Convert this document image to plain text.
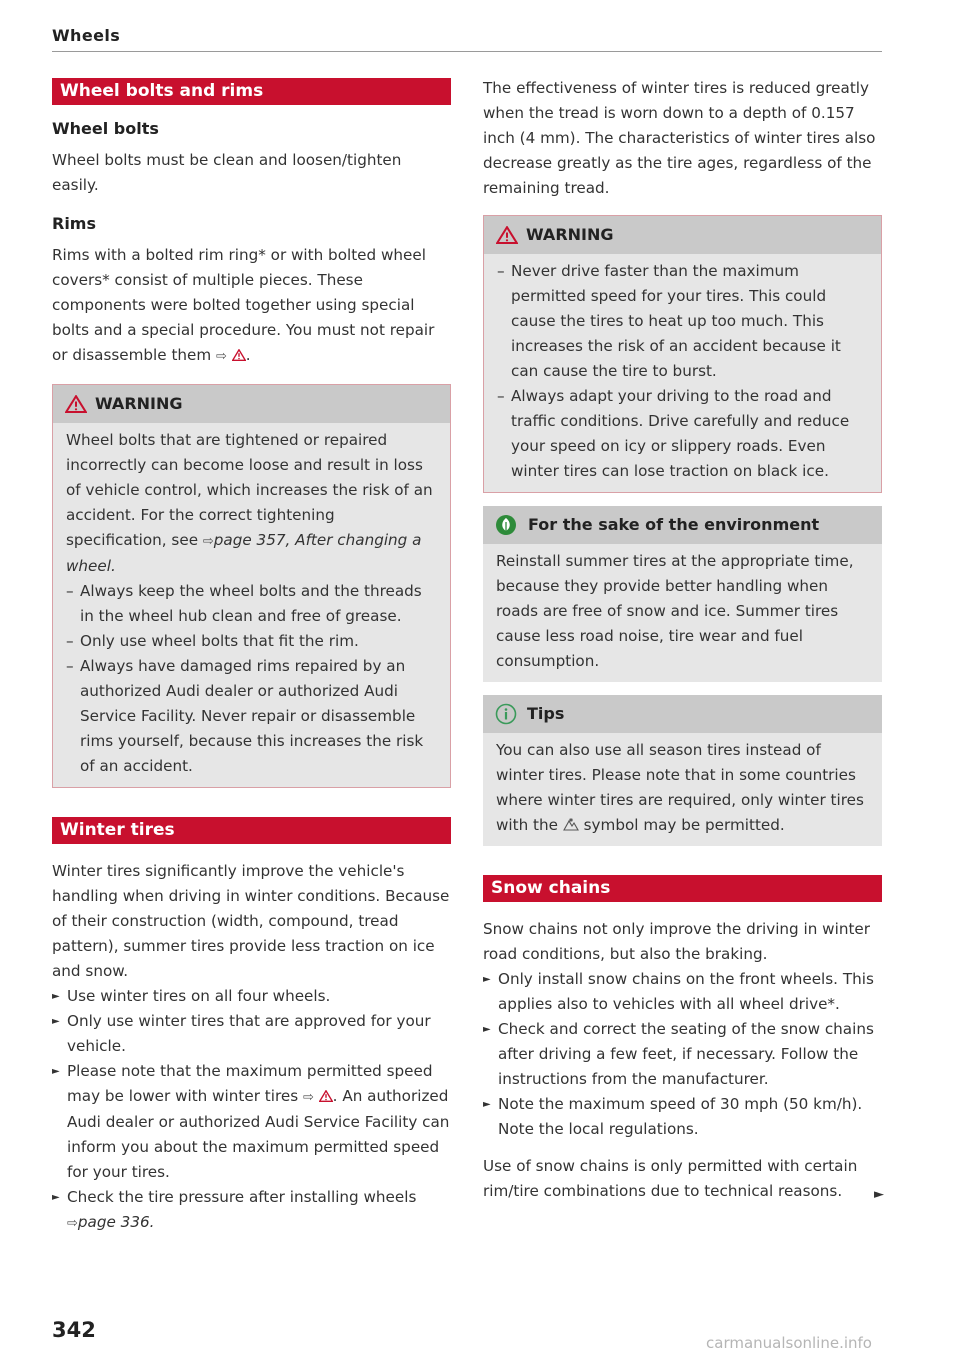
Wheels
Wheel bolts and rims
Wheel bolts

Wheel bolts must be clean and loosen/tighten easily.

Rims

Rims with a bolted rim ring* or with bolted wheel covers* consist of multiple pieces. These components were bolted together using special bolts and a special procedure. You must not repair or disassemble them ⇨ .

WARNING

Wheel bolts that are tightened or repaired incorrectly can become loose and result in loss of vehicle control, which increases the risk of an accident. For the correct tightening specification, see ⇨page 357, After changing a wheel.

– Always keep the wheel bolts and the threads in the wheel hub clean and free of grease.
– Only use wheel bolts that fit the rim.
– Always have damaged rims repaired by an authorized Audi dealer or authorized Audi Service Facility. Never repair or disassemble rims yourself, because this increases the risk of an accident.
Winter tires

Winter tires significantly improve the vehicle's handling when driving in winter conditions. Because of their construction (width, compound, tread pattern), summer tires provide less traction on ice and snow.

► Use winter tires on all four wheels.
► Only use winter tires that are approved for your vehicle.
► Please note that the maximum permitted speed may be lower with winter tires ⇨ . An authorized Audi dealer or authorized Audi Service Facility can inform you about the maximum permitted speed for your tires.
► Check the tire pressure after installing wheels
⇨page 336.

The effectiveness of winter tires is reduced greatly when the tread is worn down to a depth of 0.157 inch (4 mm). The characteristics of winter tires also decrease greatly as the tire ages, regardless of the remaining tread.

WARNING
– Never drive faster than the maximum permitted speed for your tires. This could cause the tires to heat up too much. This increases the risk of an accident because it can cause the tire to burst.
– Always adapt your driving to the road and traffic conditions. Drive carefully and reduce your speed on icy or slippery roads. Even winter tires can lose traction on black ice.
For the sake of the environment

Reinstall summer tires at the appropriate time, because they provide better handling when roads are free of snow and ice. Summer tires cause less road noise, tire wear and fuel consumption.

Tips

You can also use all season tires instead of winter tires. Please note that in some countries where winter tires are required, only winter tires with the symbol may be permitted.

Snow chains

Snow chains not only improve the driving in winter road conditions, but also the braking.

► Only install snow chains on the front wheels. This applies also to vehicles with all wheel drive*.
► Check and correct the seating of the snow chains after driving a few feet, if necessary. Follow the instructions from the manufacturer.
► Note the maximum speed of 30 mph (50 km/h). Note the local regulations.

Use of snow chains is only permitted with certain rim/tire combinations due to technical reasons.	►
342
carmanualsonline.info
